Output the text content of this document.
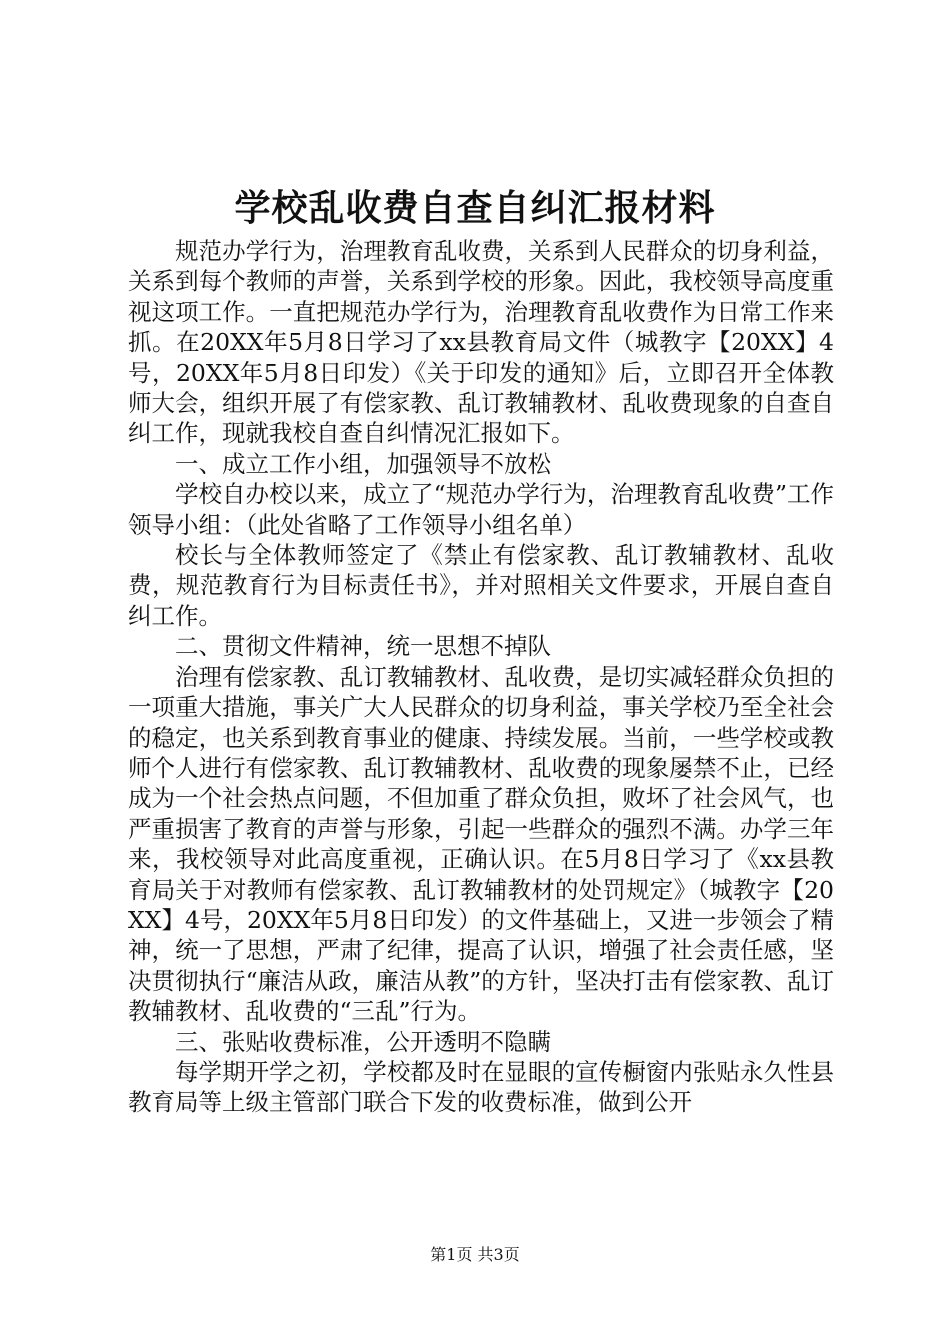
学校乱收费自查自纠汇报材料

规范办学行为，治理教育乱收费，关系到人民群众的切身利益，关系到每个教师的声誉，关系到学校的形象。因此，我校领导高度重视这项工作。一直把规范办学行为，治理教育乱收费作为日常工作来抓。在20XX年5月8日学习了xx县教育局文件（城教字【20XX】4号，20XX年5月8日印发）《关于印发的通知》后，立即召开全体教师大会，组织开展了有偿家教、乱订教辅教材、乱收费现象的自查自纠工作，现就我校自查自纠情况汇报如下。

一、成立工作小组，加强领导不放松

学校自办校以来，成立了“规范办学行为，治理教育乱收费”工作领导小组：（此处省略了工作领导小组名单）

校长与全体教师签定了《禁止有偿家教、乱订教辅教材、乱收费，规范教育行为目标责任书》，并对照相关文件要求，开展自查自纠工作。

二、贯彻文件精神，统一思想不掉队

治理有偿家教、乱订教辅教材、乱收费，是切实减轻群众负担的一项重大措施，事关广大人民群众的切身利益，事关学校乃至全社会的稳定，也关系到教育事业的健康、持续发展。当前，一些学校或教师个人进行有偿家教、乱订教辅教材、乱收费的现象屡禁不止，已经成为一个社会热点问题，不但加重了群众负担，败坏了社会风气，也严重损害了教育的声誉与形象，引起一些群众的强烈不满。办学三年来，我校领导对此高度重视，正确认识。在5月8日学习了《xx县教育局关于对教师有偿家教、乱订教辅教材的处罚规定》（城教字【20XX】4号，20XX年5月8日印发）的文件基础上，又进一步领会了精神，统一了思想，严肃了纪律，提高了认识，增强了社会责任感，坚决贯彻执行“廉洁从政，廉洁从教”的方针，坚决打击有偿家教、乱订教辅教材、乱收费的“三乱”行为。

三、张贴收费标准，公开透明不隐瞒

每学期开学之初，学校都及时在显眼的宣传橱窗内张贴永久性县教育局等上级主管部门联合下发的收费标准，做到公开

第1页 共3页
